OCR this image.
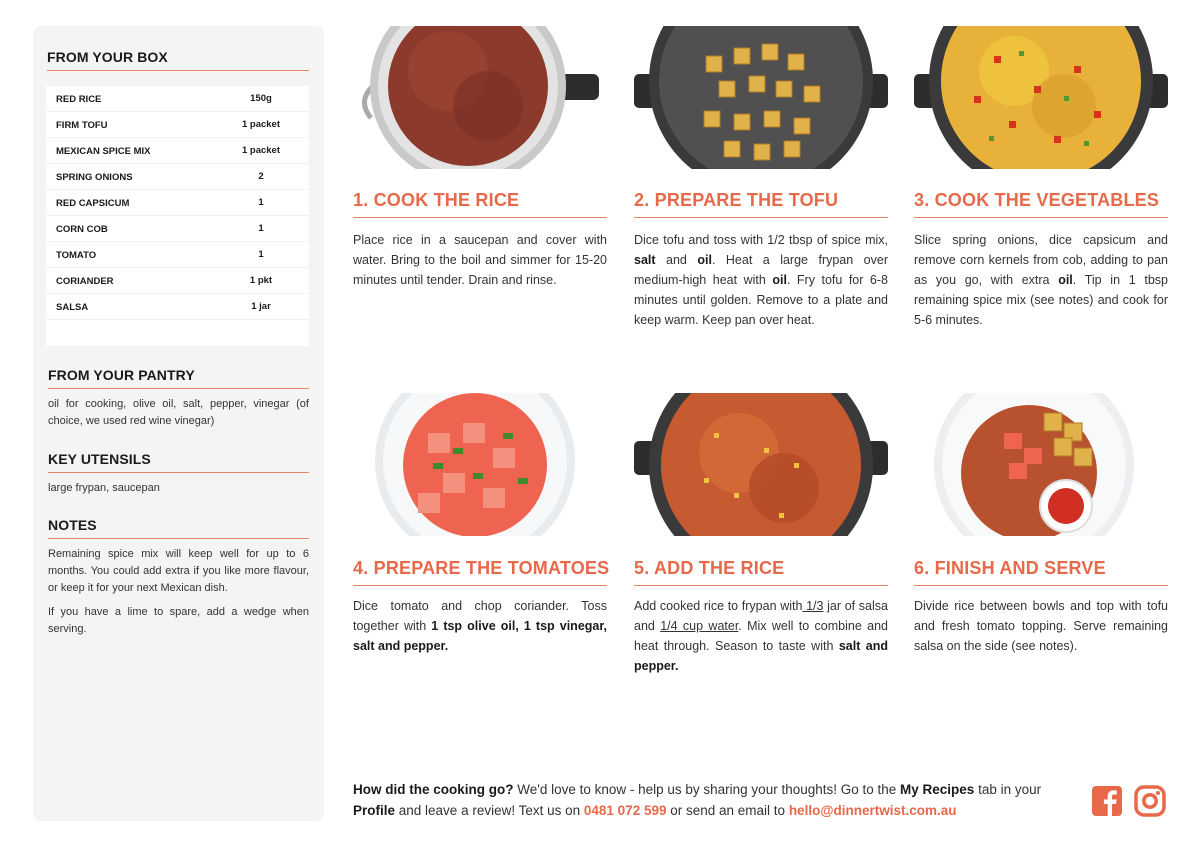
FROM YOUR BOX
RED RICE	150g
FIRM TOFU	1 packet
MEXICAN SPICE MIX	1 packet
SPRING ONIONS	2
RED CAPSICUM	1
CORN COB	1
TOMATO	1
CORIANDER	1 pkt
SALSA	1 jar
FROM YOUR PANTRY
oil for cooking, olive oil, salt, pepper, vinegar (of choice, we used red wine vinegar)
KEY UTENSILS
large frypan, saucepan
NOTES
Remaining spice mix will keep well for up to 6 months. You could add extra if you like more flavour, or keep it for your next Mexican dish.
If you have a lime to spare, add a wedge when serving.
1. COOK THE RICE	2. PREPARE THE TOFU	3. COOK THE VEGETABLES
4. PREPARE THE TOMATOES 5. ADD THE RICE	6. FINISH AND SERVE
Place rice in a saucepan and cover with water. Bring to the boil and simmer for 15-20 minutes until tender. Drain and rinse.
Dice tofu and toss with 1/2 tbsp of spice mix, salt and oil. Heat a large frypan over medium-high heat with oil. Fry tofu for 6-8 minutes until golden. Remove to a plate and keep warm. Keep pan over heat.
Slice spring onions, dice capsicum and remove corn kernels from cob, adding to pan as you go, with extra oil. Tip in 1 tbsp remaining spice mix (see notes) and cook for 5-6 minutes.
Dice tomato and chop coriander. Toss together with 1 tsp olive oil, 1 tsp vinegar, salt and pepper.
Add cooked rice to frypan with 1/3 jar of salsa and 1/4 cup water. Mix well to combine and heat through. Season to taste with salt and pepper.
Divide rice between bowls and top with tofu and fresh tomato topping. Serve remaining salsa on the side (see notes).
How did the cooking go? We'd love to know - help us by sharing your thoughts! Go to the My Recipes tab in your Profile and leave a review! Text us on 0481 072 599 or send an email to hello@dinnertwist.com.au
